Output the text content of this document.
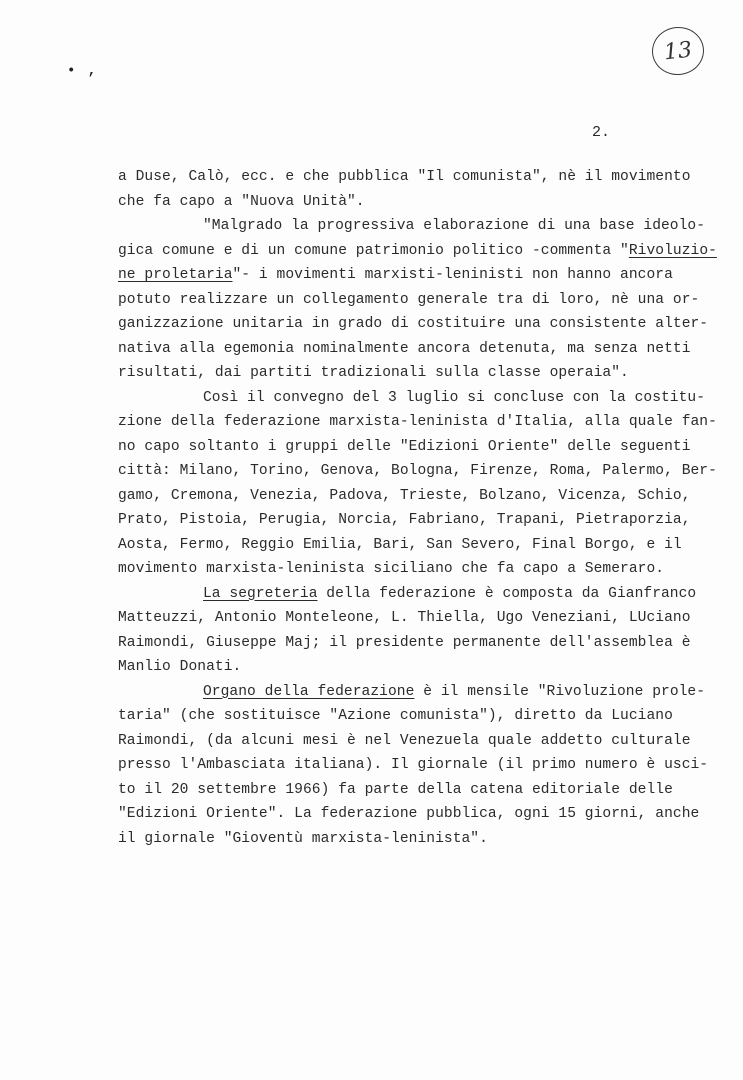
13
• ,
2.
a Duse, Calò, ecc. e che pubblica "Il comunista", nè il movimento
che fa capo a "Nuova Unità".
"Malgrado la progressiva elaborazione di una base ideolo-
gica comune e di un comune patrimonio politico -commenta "Rivoluzio-
ne proletaria"- i movimenti marxisti-leninisti non hanno ancora
potuto realizzare un collegamento generale tra di loro, nè una or-
ganizzazione unitaria in grado di costituire una consistente alter-
nativa alla egemonia nominalmente ancora detenuta, ma senza netti
risultati, dai partiti tradizionali sulla classe operaia".
Così il convegno del 3 luglio si concluse con la costitu-
zione della federazione marxista-leninista d'Italia, alla quale fan-
no capo soltanto i gruppi delle "Edizioni Oriente" delle seguenti
città: Milano, Torino, Genova, Bologna, Firenze, Roma, Palermo, Ber-
gamo, Cremona, Venezia, Padova, Trieste, Bolzano, Vicenza, Schio,
Prato, Pistoia, Perugia, Norcia, Fabriano, Trapani, Pietraporzia,
Aosta, Fermo, Reggio Emilia, Bari, San Severo, Final Borgo, e il
movimento marxista-leninista siciliano che fa capo a Semeraro.
La segreteria della federazione è composta da Gianfranco
Matteuzzi, Antonio Monteleone, L. Thiella, Ugo Veneziani, LUciano
Raimondi, Giuseppe Maj; il presidente permanente dell'assemblea è
Manlio Donati.
Organo della federazione è il mensile "Rivoluzione prole-
taria" (che sostituisce "Azione comunista"), diretto da Luciano
Raimondi, (da alcuni mesi è nel Venezuela quale addetto culturale
presso l'Ambasciata italiana). Il giornale (il primo numero è usci-
to il 20 settembre 1966) fa parte della catena editoriale delle
"Edizioni Oriente". La federazione pubblica, ogni 15 giorni, anche
il giornale "Gioventù marxista-leninista".
